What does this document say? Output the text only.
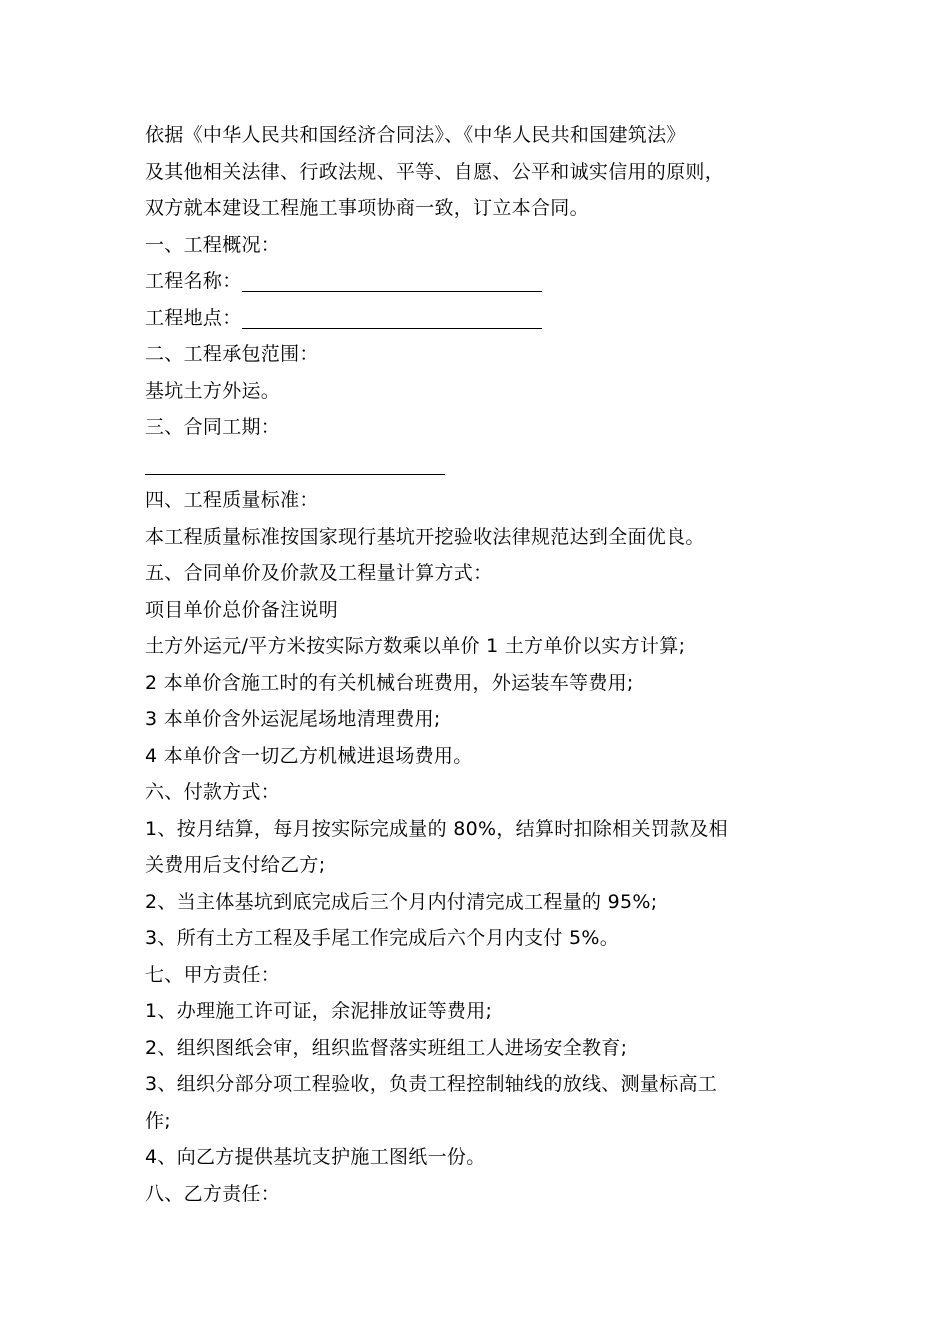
依据《中华人民共和国经济合同法》、《中华人民共和国建筑法》
及其他相关法律、行政法规、平等、自愿、公平和诚实信用的原则，
双方就本建设工程施工事项协商一致，订立本合同。
一、工程概况：
工程名称：
工程地点：
二、工程承包范围：
基坑土方外运。
三、合同工期：
四、工程质量标准：
本工程质量标准按国家现行基坑开挖验收法律规范达到全面优良。
五、合同单价及价款及工程量计算方式：
项目单价总价备注说明
土方外运元/平方米按实际方数乘以单价 1 土方单价以实方计算;
2 本单价含施工时的有关机械台班费用，外运装车等费用;
3 本单价含外运泥尾场地清理费用;
4 本单价含一切乙方机械进退场费用。
六、付款方式：
1、按月结算，每月按实际完成量的 80%，结算时扣除相关罚款及相
关费用后支付给乙方;
2、当主体基坑到底完成后三个月内付清完成工程量的 95%;
3、所有土方工程及手尾工作完成后六个月内支付 5%。
七、甲方责任：
1、办理施工许可证，余泥排放证等费用;
2、组织图纸会审，组织监督落实班组工人进场安全教育;
3、组织分部分项工程验收，负责工程控制轴线的放线、测量标高工
作;
4、向乙方提供基坑支护施工图纸一份。
八、乙方责任：
